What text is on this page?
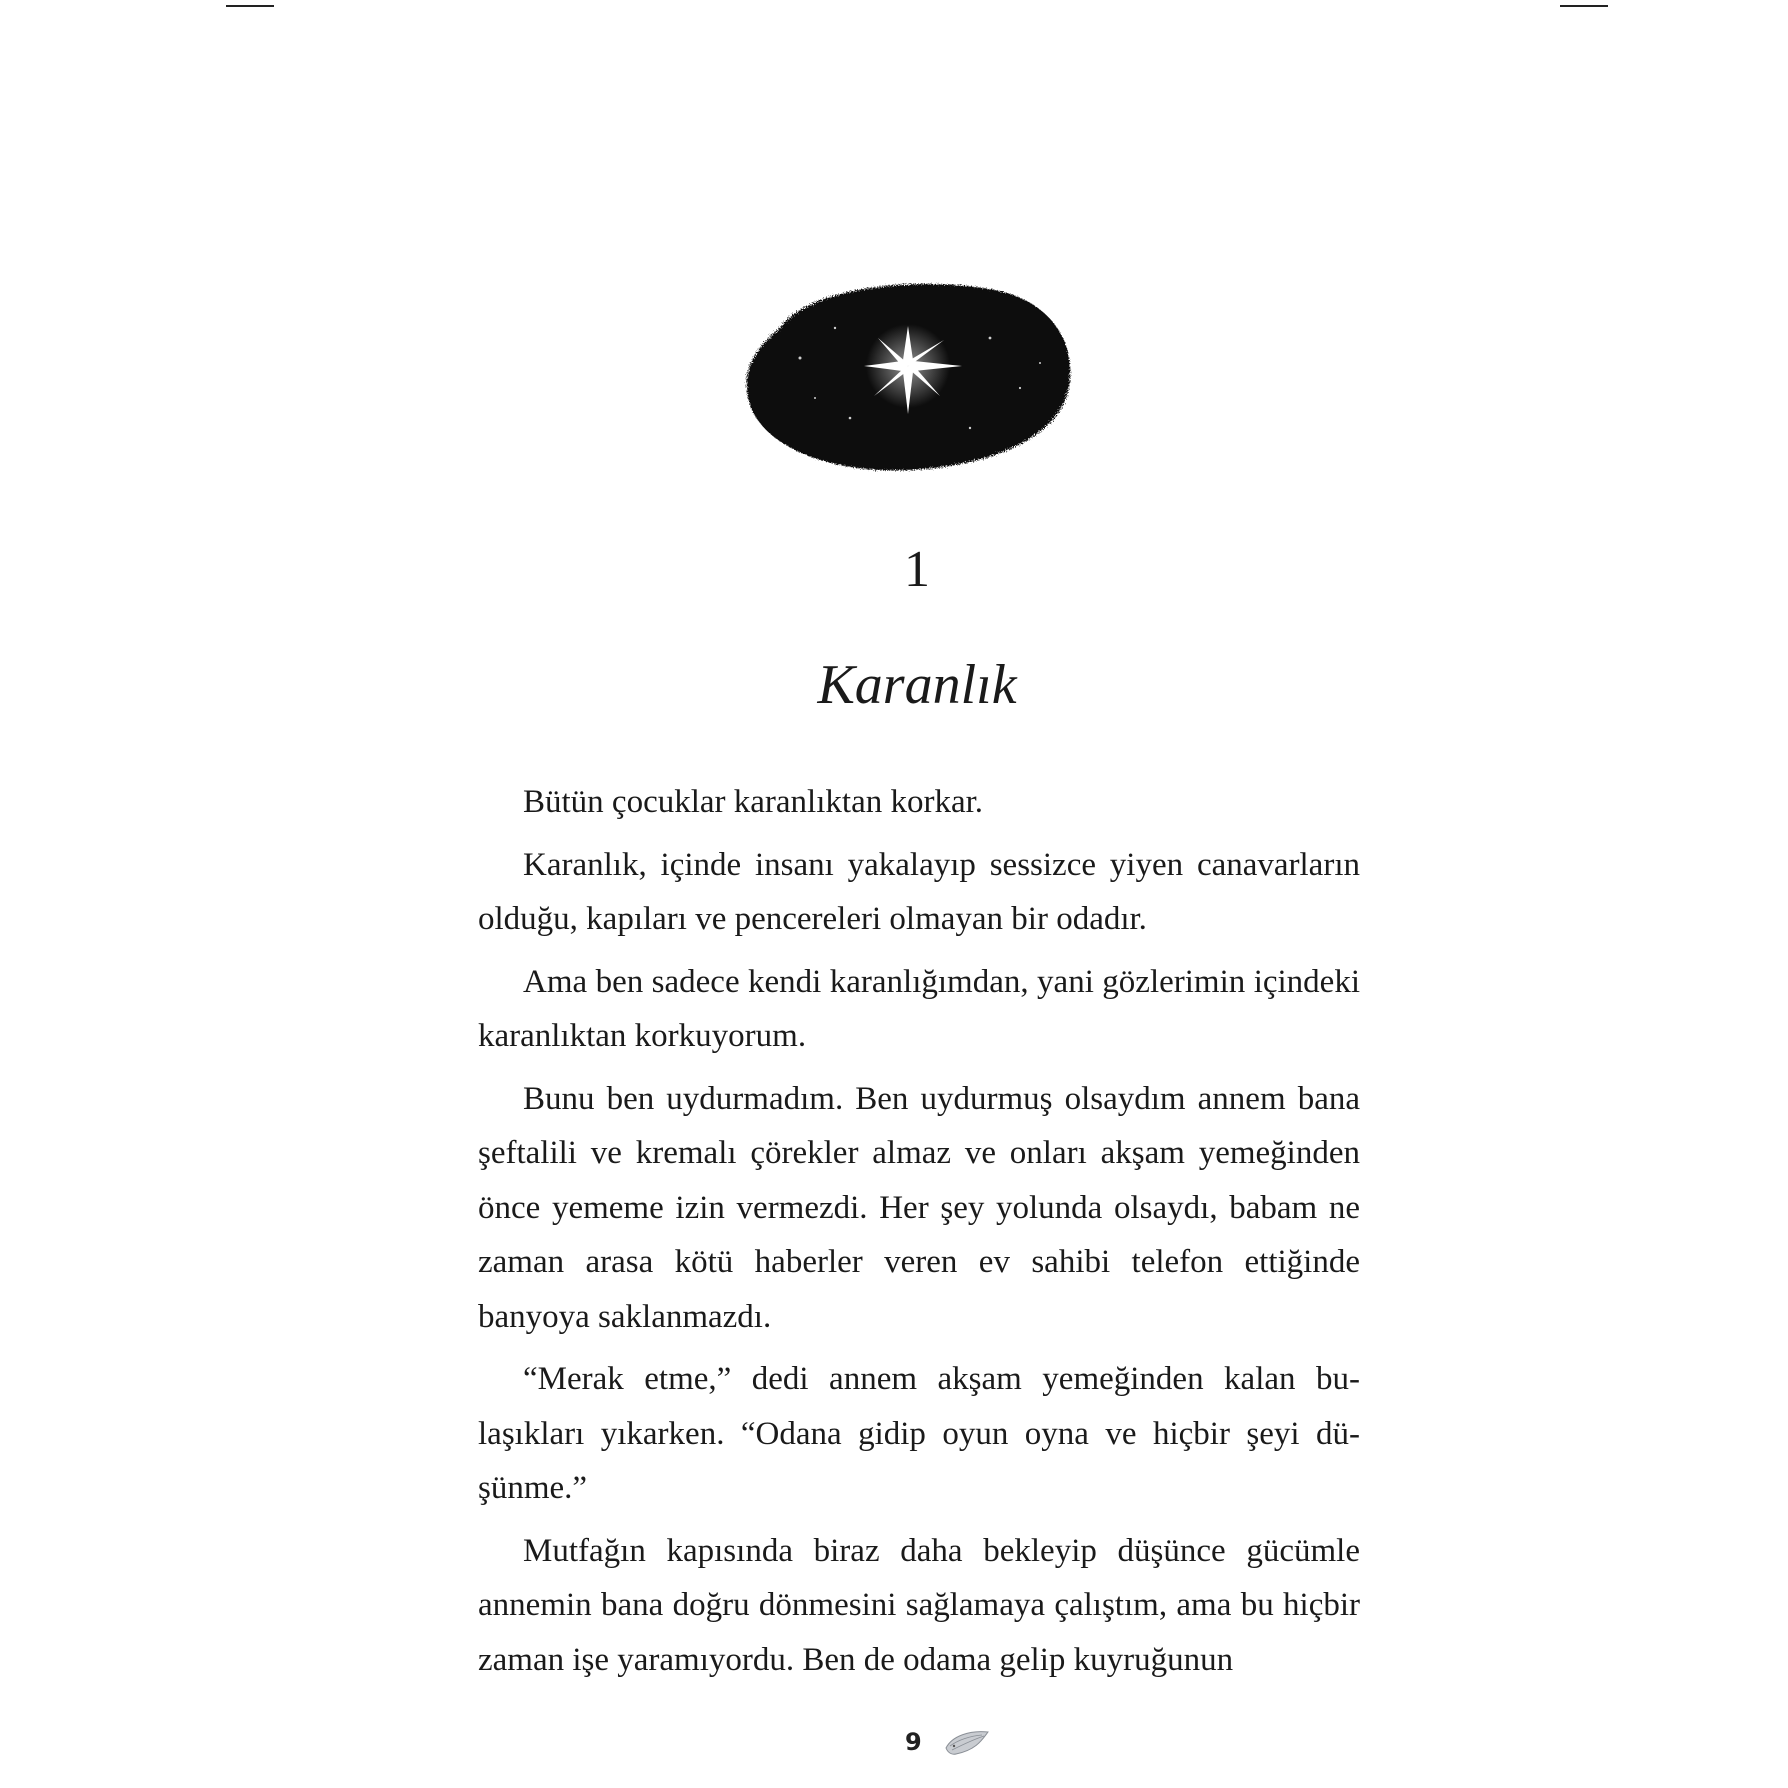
1
Karanlık

Bütün çocuklar karanlıktan korkar.

Karanlık, içinde insanı yakalayıp sessizce yiyen canavarların olduğu, kapıları ve pencereleri olmayan bir odadır.

Ama ben sadece kendi karanlığımdan, yani gözlerimin içindeki karanlıktan korkuyorum.

Bunu ben uydurmadım. Ben uydurmuş olsaydım annem bana şeftalili ve kremalı çörekler almaz ve onları akşam yemeğinden önce yememe izin vermezdi. Her şey yolunda olsaydı, babam ne zaman arasa kötü haberler veren ev sahibi telefon ettiğinde banyoya saklanmazdı.

“Merak etme,” dedi annem akşam yemeğinden kalan bulaşıkları yıkarken. “Odana gidip oyun oyna ve hiçbir şeyi düşünme.”

Mutfağın kapısında biraz daha bekleyip düşünce gücümle annemin bana doğru dönmesini sağlamaya çalıştım, ama bu hiçbir zaman işe yaramıyordu. Ben de odama gelip kuyruğunun

9
